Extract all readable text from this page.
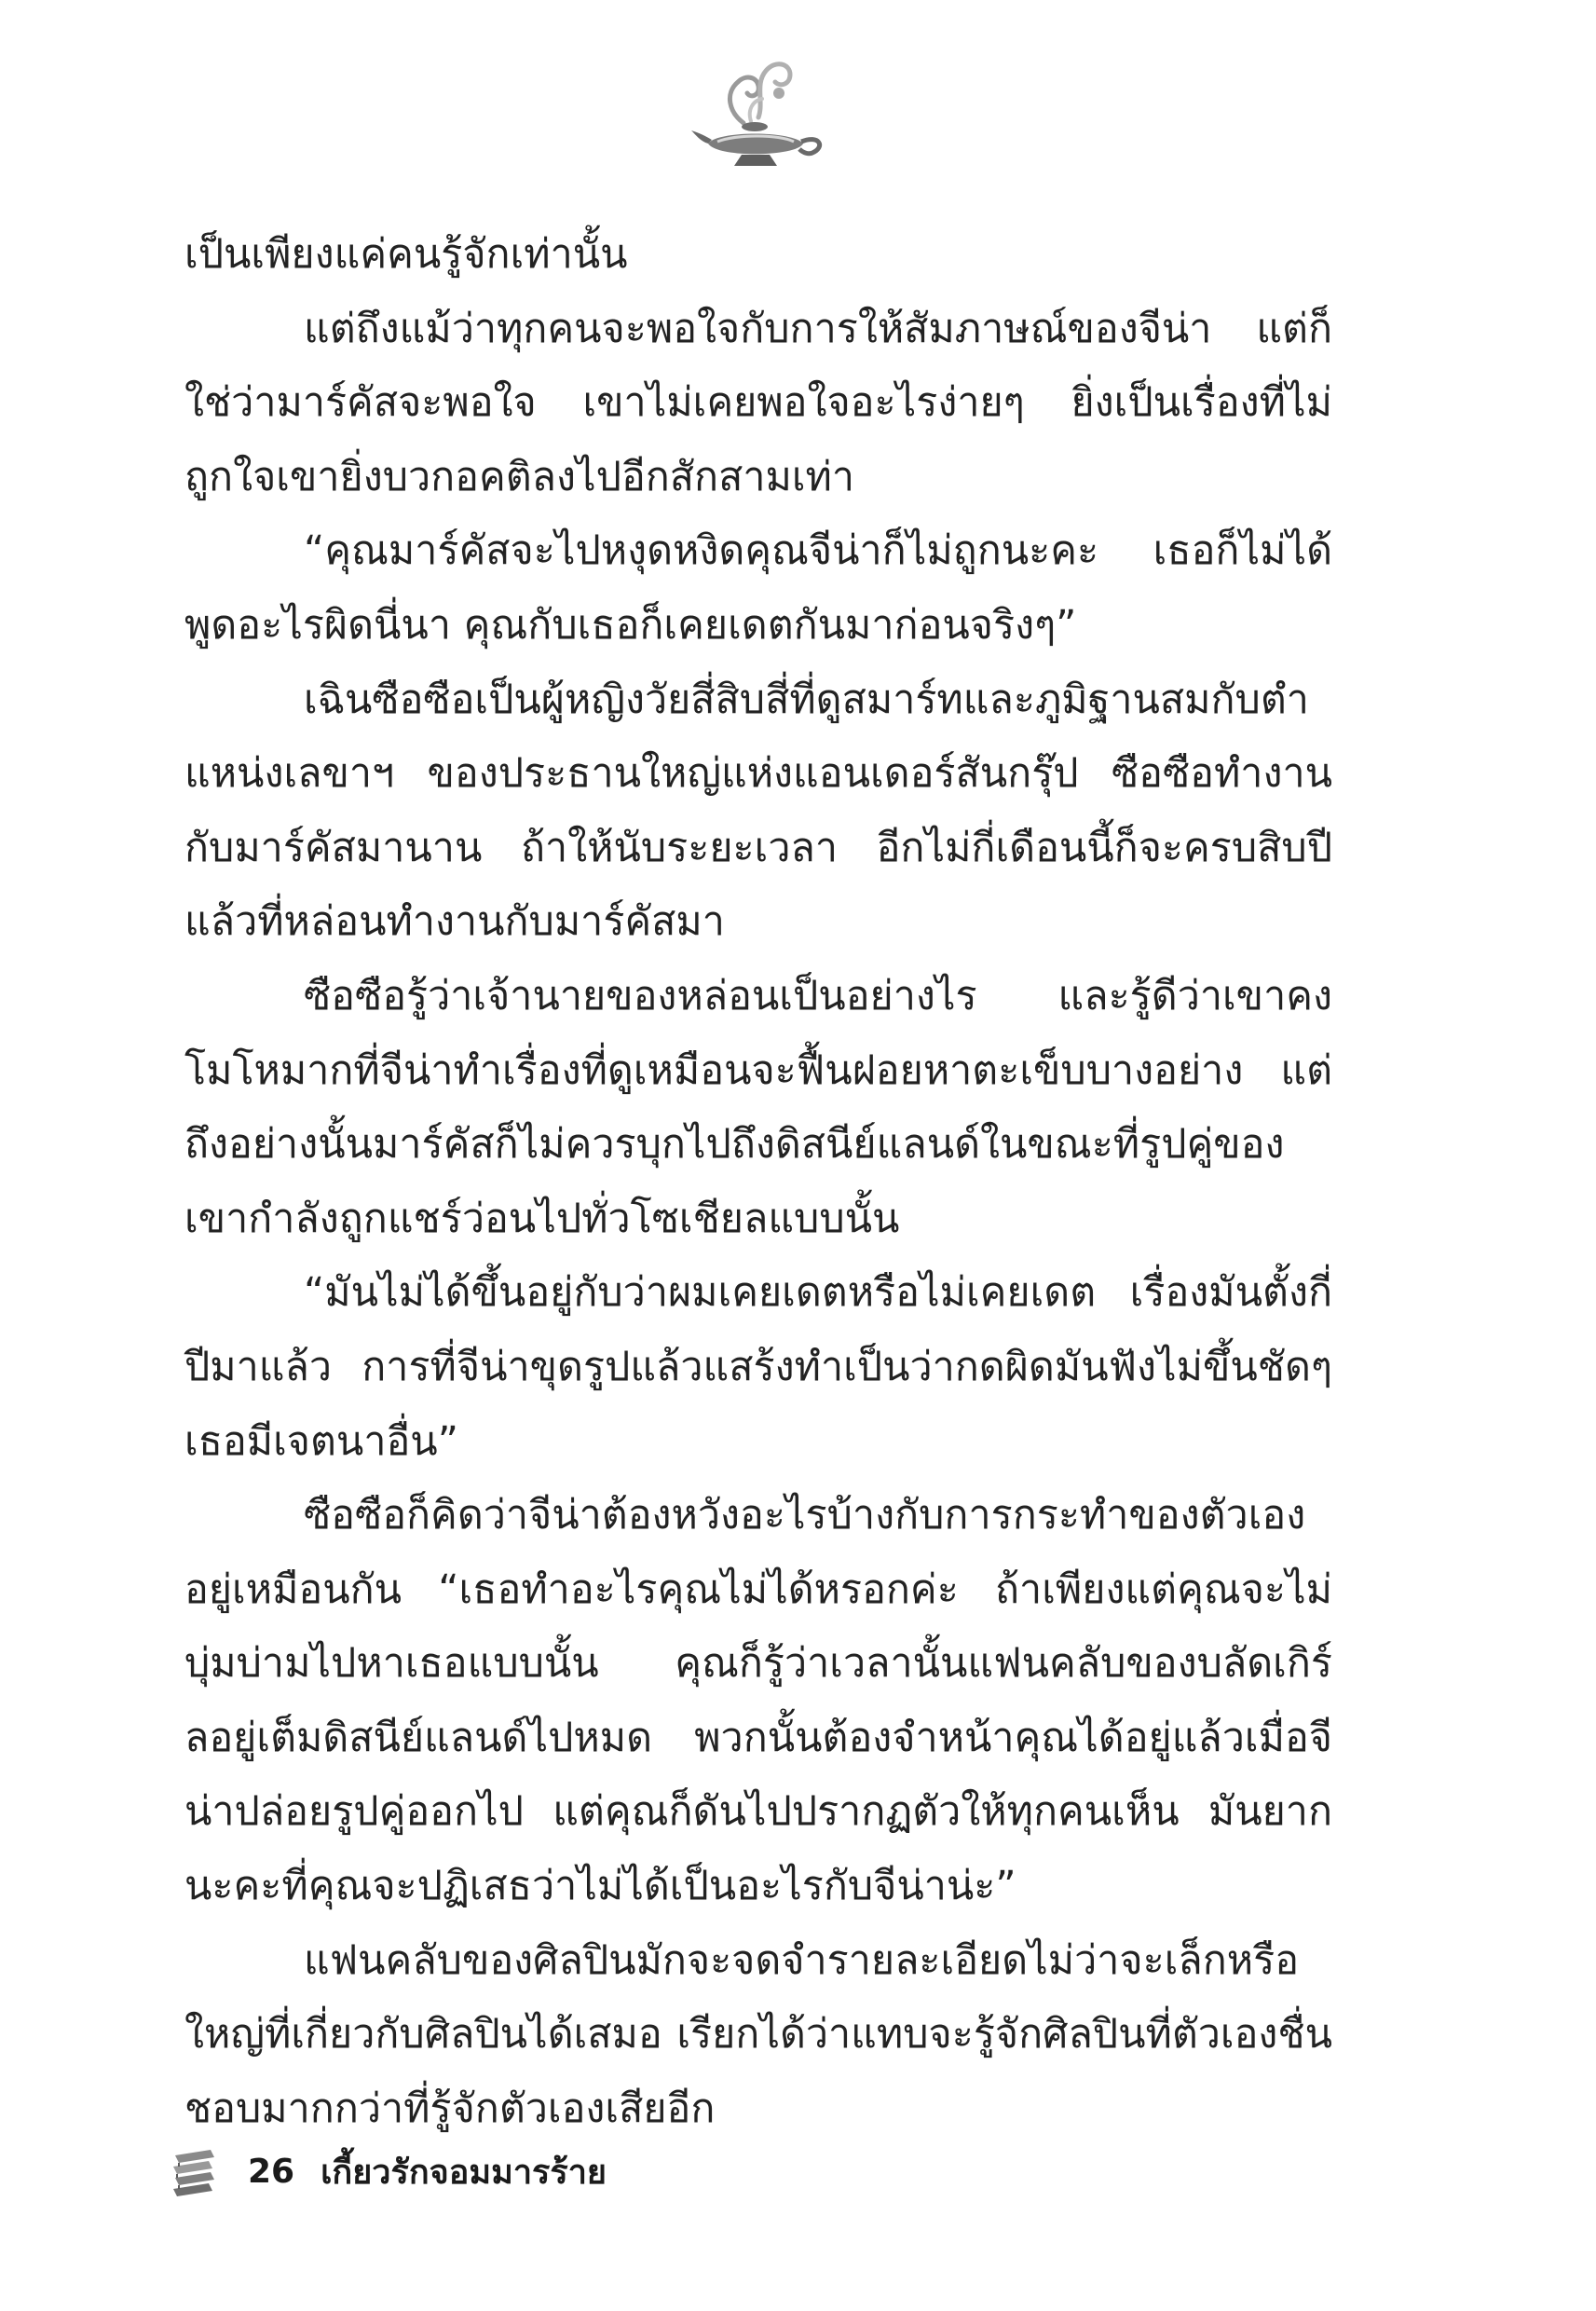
เป็นเพียงแค่คนรู้จักเท่านั้น

แต่ถึงแม้ว่าทุกคนจะพอใจกับการให้สัมภาษณ์ของจีน่า แต่ก็ใช่ว่ามาร์คัสจะพอใจ เขาไม่เคยพอใจอะไรง่ายๆ ยิ่งเป็นเรื่องที่ไม่ถูกใจเขายิ่งบวกอคติลงไปอีกสักสามเท่า

“คุณมาร์คัสจะไปหงุดหงิดคุณจีน่าก็ไม่ถูกนะคะ เธอก็ไม่ได้พูดอะไรผิดนี่นา คุณกับเธอก็เคยเดตกันมาก่อนจริงๆ”

เฉินซือซือเป็นผู้หญิงวัยสี่สิบสี่ที่ดูสมาร์ทและภูมิฐานสมกับตำแหน่งเลขาฯ ของประธานใหญ่แห่งแอนเดอร์สันกรุ๊ป ซือซือทำงานกับมาร์คัสมานาน ถ้าให้นับระยะเวลา อีกไม่กี่เดือนนี้ก็จะครบสิบปีแล้วที่หล่อนทำงานกับมาร์คัสมา

ซือซือรู้ว่าเจ้านายของหล่อนเป็นอย่างไร และรู้ดีว่าเขาคงโมโหมากที่จีน่าทำเรื่องที่ดูเหมือนจะฟื้นฝอยหาตะเข็บบางอย่าง แต่ถึงอย่างนั้นมาร์คัสก็ไม่ควรบุกไปถึงดิสนีย์แลนด์ในขณะที่รูปคู่ของเขากำลังถูกแชร์ว่อนไปทั่วโซเชียลแบบนั้น

“มันไม่ได้ขึ้นอยู่กับว่าผมเคยเดตหรือไม่เคยเดต เรื่องมันตั้งกี่ปีมาแล้ว การที่จีน่าขุดรูปแล้วแสร้งทำเป็นว่ากดผิดมันฟังไม่ขึ้นชัดๆ เธอมีเจตนาอื่น”

ซือซือก็คิดว่าจีน่าต้องหวังอะไรบ้างกับการกระทำของตัวเองอยู่เหมือนกัน “เธอทำอะไรคุณไม่ได้หรอกค่ะ ถ้าเพียงแต่คุณจะไม่บุ่มบ่ามไปหาเธอแบบนั้น คุณก็รู้ว่าเวลานั้นแฟนคลับของบลัดเกิร์ลอยู่เต็มดิสนีย์แลนด์ไปหมด พวกนั้นต้องจำหน้าคุณได้อยู่แล้วเมื่อจีน่าปล่อยรูปคู่ออกไป แต่คุณก็ดันไปปรากฏตัวให้ทุกคนเห็น มันยากนะคะที่คุณจะปฏิเสธว่าไม่ได้เป็นอะไรกับจีน่าน่ะ”

แฟนคลับของศิลปินมักจะจดจำรายละเอียดไม่ว่าจะเล็กหรือใหญ่ที่เกี่ยวกับศิลปินได้เสมอ เรียกได้ว่าแทบจะรู้จักศิลปินที่ตัวเองชื่นชอบมากกว่าที่รู้จักตัวเองเสียอีก

26 เกี้ยวรักจอมมารร้าย
